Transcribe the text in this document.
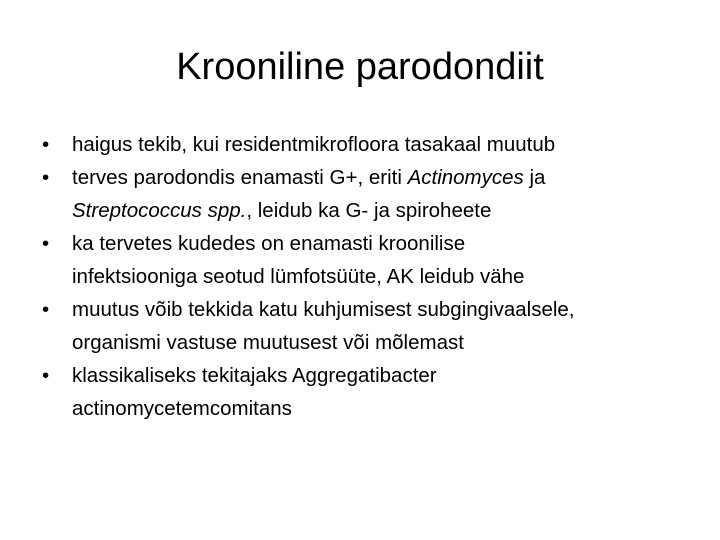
Krooniline parodondiit
•	haigus tekib, kui residentmikrofloora tasakaal muutub
•	terves parodondis enamasti G+, eriti Actinomyces ja
Streptococcus spp., leidub ka G- ja spiroheete
•	ka tervetes kudedes on enamasti kroonilise
infektsiooniga seotud lümfotsüüte, AK leidub vähe
•	muutus võib tekkida katu kuhjumisest subgingivaalsele,
organismi vastuse muutusest või mõlemast
•	klassikaliseks tekitajaks Aggregatibacter
actinomycetemcomitans
